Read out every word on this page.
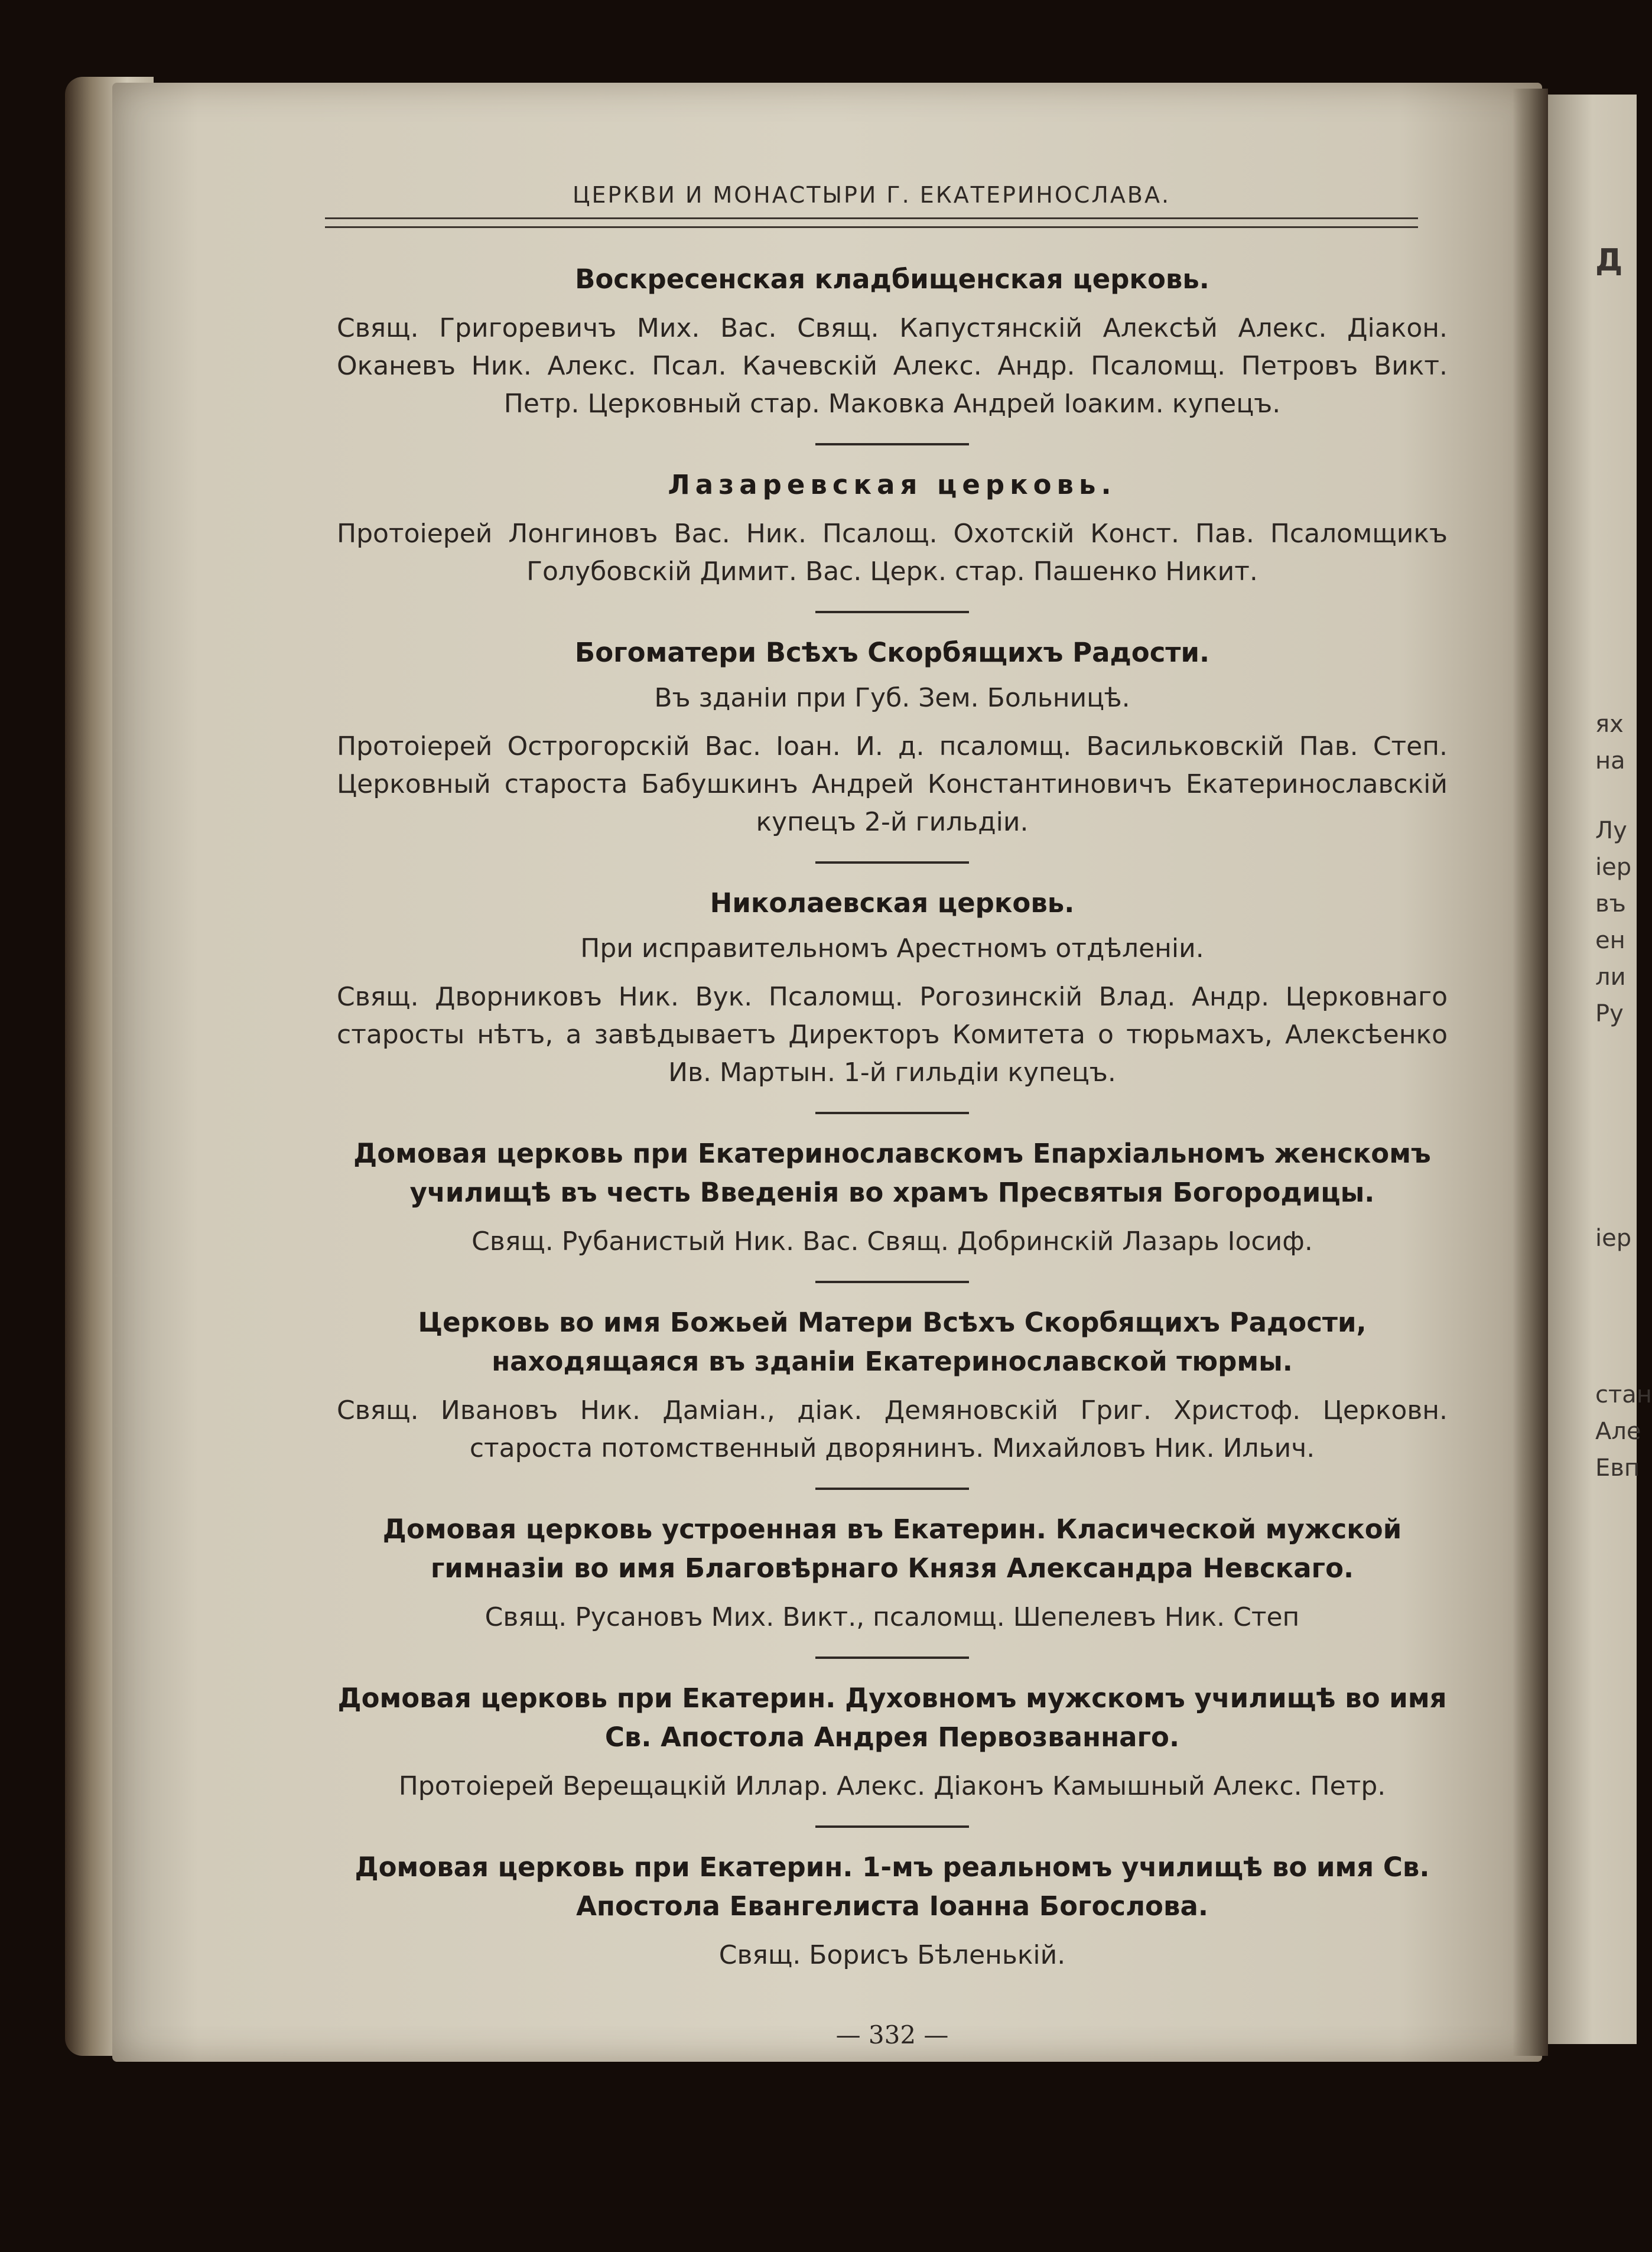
ЦЕРКВИ И МОНАСТЫРИ Г. ЕКАТЕРИНОСЛАВА.

Воскресенская кладбищенская церковь.

Свящ. Григоревичъ Мих. Вас. Свящ. Капустянскій Алексѣй Алекс. Діакон. Оканевъ Ник. Алекс. Псал. Качевскій Алекс. Андр. Псаломщ. Петровъ Викт. Петр. Церковный стар. Маковка Андрей Іоаким. купецъ.

Лазаревская церковь.

Протоіерей Лонгиновъ Вас. Ник. Псалощ. Охотскій Конст. Пав. Псаломщикъ Голубовскій Димит. Вас. Церк. стар. Пашенко Никит.

Богоматери Всѣхъ Скорбящихъ Радости.

Въ зданіи при Губ. Зем. Больницѣ.
Протоіерей Острогорскій Вас. Іоан. И. д. псаломщ. Васильковскій Пав. Степ. Церковный староста Бабушкинъ Андрей Константиновичъ Екатеринославскій купецъ 2-й гильдіи.

Николаевская церковь.

При исправительномъ Арестномъ отдѣленіи.
Свящ. Дворниковъ Ник. Вук. Псаломщ. Рогозинскій Влад. Андр. Церковнаго старосты нѣтъ, а завѣдываетъ Директоръ Комитета о тюрьмахъ, Алексѣенко Ив. Мартын. 1-й гильдіи купецъ.

Домовая церковь при Екатеринославскомъ Епархіальномъ женскомъ училищѣ въ честь Введенія во храмъ Пресвятыя Богородицы.

Свящ. Рубанистый Ник. Вас. Свящ. Добринскій Лазарь Іосиф.

Церковь во имя Божьей Матери Всѣхъ Скорбящихъ Радости, находящаяся въ зданіи Екатеринославской тюрмы.

Свящ. Ивановъ Ник. Даміан., діак. Демяновскій Григ. Христоф. Церковн. староста потомственный дворянинъ. Михайловъ Ник. Ильич.

Домовая церковь устроенная въ Екатерин. Класической мужской гимназіи во имя Благовѣрнаго Князя Александра Невскаго.

Свящ. Русановъ Мих. Викт., псаломщ. Шепелевъ Ник. Степ

Домовая церковь при Екатерин. Духовномъ мужскомъ училищѣ во имя Св. Апостола Андрея Первозваннаго.

Протоіерей Верещацкій Иллар. Алекс. Діаконъ Камышный Алекс. Петр.

Домовая церковь при Екатерин. 1-мъ реальномъ училищѣ во имя Св. Апостола Евангелиста Іоанна Богослова.

Свящ. Борисъ Бѣленькій.
— 332 —
Д
ях
на
Лу
іер
въ
ен
ли
Ру
іер
стан
Але
Евп
